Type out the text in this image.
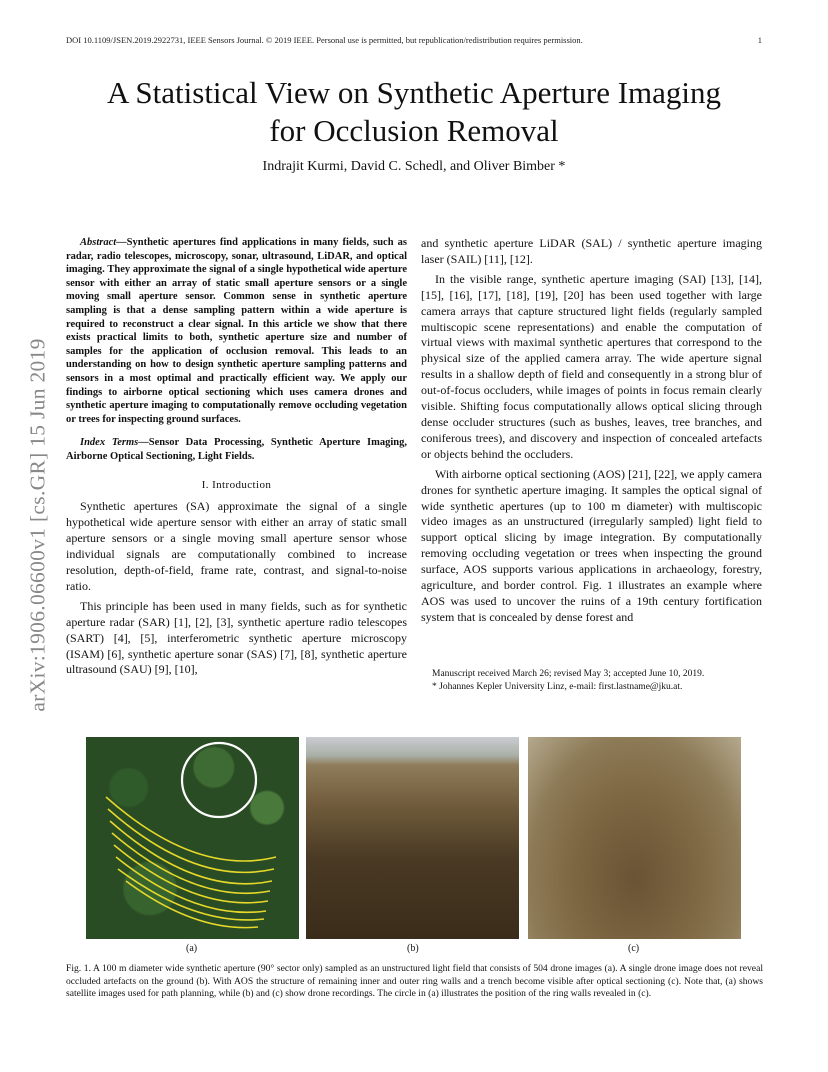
DOI 10.1109/JSEN.2019.2922731, IEEE Sensors Journal. © 2019 IEEE. Personal use is permitted, but republication/redistribution requires permission.	1
arXiv:1906.06600v1 [cs.GR] 15 Jun 2019
A Statistical View on Synthetic Aperture Imaging
for Occlusion Removal
Indrajit Kurmi, David C. Schedl, and Oliver Bimber *

Abstract—Synthetic apertures find applications in many fields, such as radar, radio telescopes, microscopy, sonar, ultrasound, LiDAR, and optical imaging. They approximate the signal of a single hypothetical wide aperture sensor with either an array of static small aperture sensors or a single moving small aperture sensor. Common sense in synthetic aperture sampling is that a dense sampling pattern within a wide aperture is required to reconstruct a clear signal. In this article we show that there exists practical limits to both, synthetic aperture size and number of samples for the application of occlusion removal. This leads to an understanding on how to design synthetic aperture sampling patterns and sensors in a most optimal and practically efficient way. We apply our findings to airborne optical sectioning which uses camera drones and synthetic aperture imaging to computationally remove occluding vegetation or trees for inspecting ground surfaces.

Index Terms—Sensor Data Processing, Synthetic Aperture Imaging, Airborne Optical Sectioning, Light Fields.

I. Introduction

Synthetic apertures (SA) approximate the signal of a single hypothetical wide aperture sensor with either an array of static small aperture sensors or a single moving small aperture sensor whose individual signals are computationally combined to increase resolution, depth-of-field, frame rate, contrast, and signal-to-noise ratio.

This principle has been used in many fields, such as for synthetic aperture radar (SAR) [1], [2], [3], synthetic aperture radio telescopes (SART) [4], [5], interferometric synthetic aperture microscopy (ISAM) [6], synthetic aperture sonar (SAS) [7], [8], synthetic aperture ultrasound (SAU) [9], [10],

and synthetic aperture LiDAR (SAL) / synthetic aperture imaging laser (SAIL) [11], [12].

In the visible range, synthetic aperture imaging (SAI) [13], [14], [15], [16], [17], [18], [19], [20] has been used together with large camera arrays that capture structured light fields (regularly sampled multiscopic scene representations) and enable the computation of virtual views with maximal synthetic apertures that correspond to the physical size of the applied camera array. The wide aperture signal results in a shallow depth of field and consequently in a strong blur of out-of-focus occluders, while images of points in focus remain clearly visible. Shifting focus computationally allows optical slicing through dense occluder structures (such as bushes, leaves, tree branches, and coniferous trees), and discovery and inspection of concealed artefacts or objects behind the occluders.

With airborne optical sectioning (AOS) [21], [22], we apply camera drones for synthetic aperture imaging. It samples the optical signal of wide synthetic apertures (up to 100 m diameter) with multiscopic video images as an unstructured (irregularly sampled) light field to support optical slicing by image integration. By computationally removing occluding vegetation or trees when inspecting the ground surface, AOS supports various applications in archaeology, forestry, agriculture, and border control. Fig. 1 illustrates an example where AOS was used to uncover the ruins of a 19th century fortification system that is concealed by dense forest and

Manuscript received March 26; revised May 3; accepted June 10, 2019.
* Johannes Kepler University Linz, e-mail: first.lastname@jku.at.
(a)	(b)	(c)
Fig. 1. A 100 m diameter wide synthetic aperture (90° sector only) sampled as an unstructured light field that consists of 504 drone images (a). A single drone image does not reveal occluded artefacts on the ground (b). With AOS the structure of remaining inner and outer ring walls and a trench become visible after optical sectioning (c). Note that, (a) shows satellite images used for path planning, while (b) and (c) show drone recordings. The circle in (a) illustrates the position of the ring walls revealed in (c).
